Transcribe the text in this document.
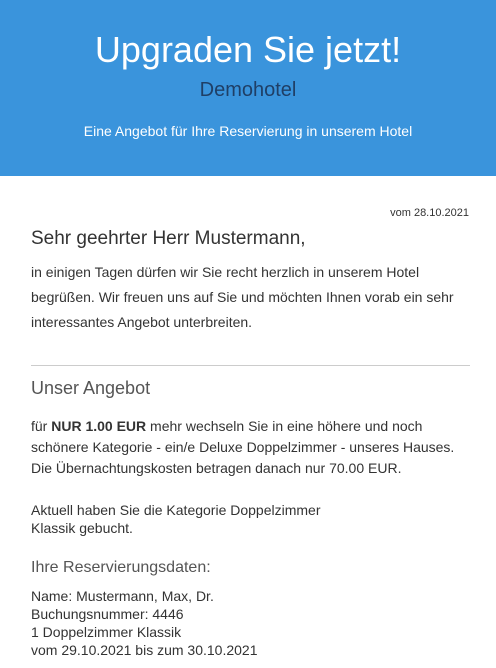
Upgraden Sie jetzt!
Demohotel
Eine Angebot für Ihre Reservierung in unserem Hotel
vom 28.10.2021
Sehr geehrter Herr Mustermann,
in einigen Tagen dürfen wir Sie recht herzlich in unserem Hotel begrüßen. Wir freuen uns auf Sie und möchten Ihnen vorab ein sehr interessantes Angebot unterbreiten.
Unser Angebot
für NUR 1.00 EUR mehr wechseln Sie in eine höhere und noch schönere Kategorie - ein/e Deluxe Doppelzimmer - unseres Hauses. Die Übernachtungskosten betragen danach nur 70.00 EUR.
Aktuell haben Sie die Kategorie Doppelzimmer Klassik gebucht.
Ihre Reservierungsdaten:
Name: Mustermann, Max, Dr.
Buchungsnummer: 4446
1 Doppelzimmer Klassik
vom 29.10.2021 bis zum 30.10.2021
